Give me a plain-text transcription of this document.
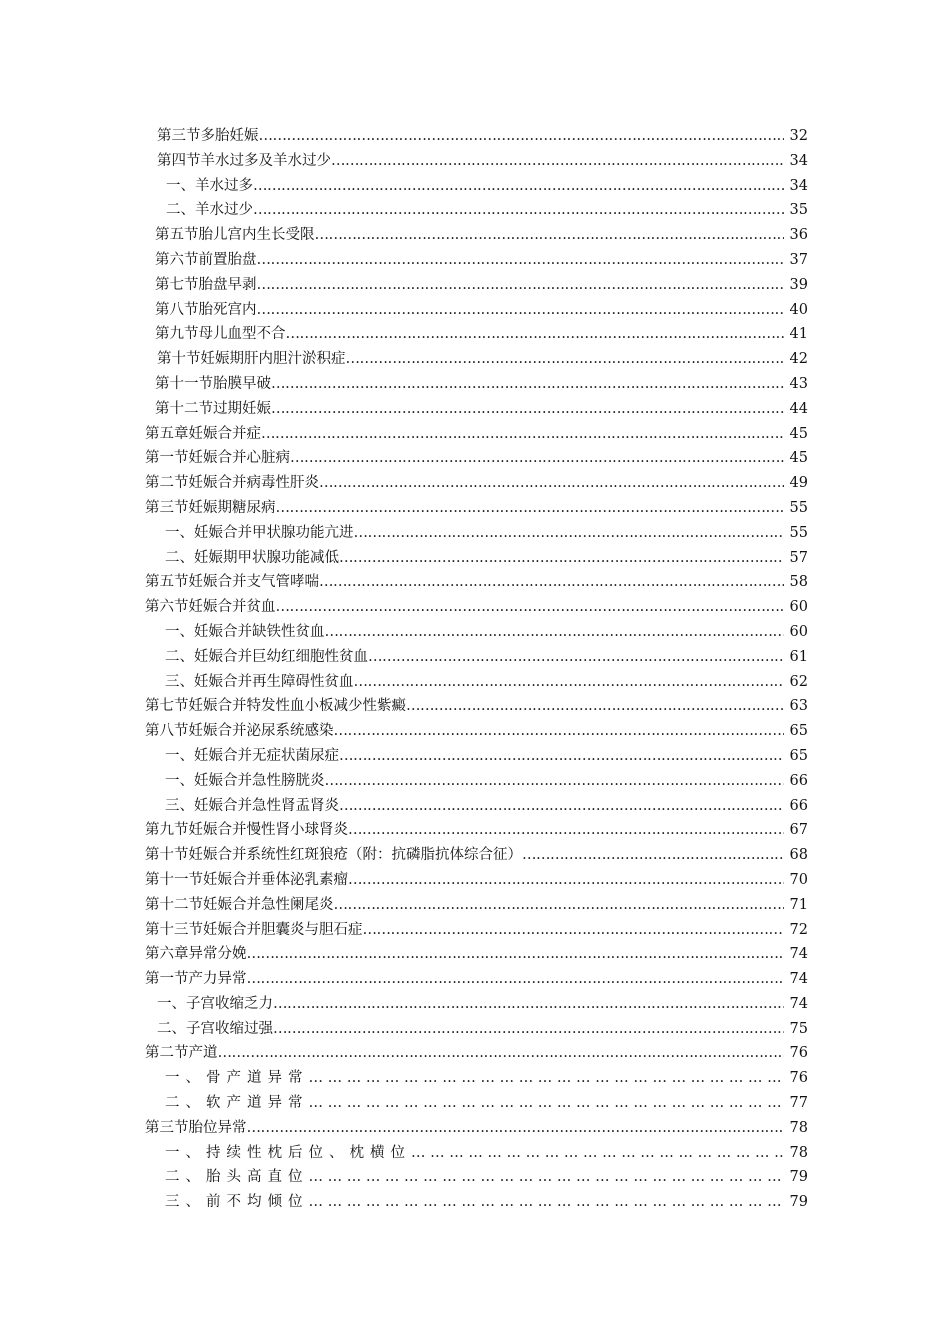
第三节多胎妊娠 ……………………………………………………………………………………………………………………………………………………………………………………………………	32
第四节羊水过多及羊水过少 ……………………………………………………………………………………………………………………………………………………………………………………………………	34
一、羊水过多 ……………………………………………………………………………………………………………………………………………………………………………………………………	34
二、羊水过少 ……………………………………………………………………………………………………………………………………………………………………………………………………	35
第五节胎儿宫内生长受限 ……………………………………………………………………………………………………………………………………………………………………………………………………	36
第六节前置胎盘 ……………………………………………………………………………………………………………………………………………………………………………………………………	37
第七节胎盘早剥 ……………………………………………………………………………………………………………………………………………………………………………………………………	39
第八节胎死宫内 ……………………………………………………………………………………………………………………………………………………………………………………………………	40
第九节母儿血型不合 ……………………………………………………………………………………………………………………………………………………………………………………………………	41
第十节妊娠期肝内胆汁淤积症 ……………………………………………………………………………………………………………………………………………………………………………………………………	42
第十一节胎膜早破 ……………………………………………………………………………………………………………………………………………………………………………………………………	43
第十二节过期妊娠 ……………………………………………………………………………………………………………………………………………………………………………………………………	44
第五章妊娠合并症 ……………………………………………………………………………………………………………………………………………………………………………………………………	45
第一节妊娠合并心脏病 ……………………………………………………………………………………………………………………………………………………………………………………………………	45
第二节妊娠合并病毒性肝炎 ……………………………………………………………………………………………………………………………………………………………………………………………………	49
第三节妊娠期糖尿病 ……………………………………………………………………………………………………………………………………………………………………………………………………	55
一、妊娠合并甲状腺功能亢进 ……………………………………………………………………………………………………………………………………………………………………………………………………	55
二、妊娠期甲状腺功能减低 ……………………………………………………………………………………………………………………………………………………………………………………………………	57
第五节妊娠合并支气管哮喘 ……………………………………………………………………………………………………………………………………………………………………………………………………	58
第六节妊娠合并贫血 ……………………………………………………………………………………………………………………………………………………………………………………………………	60
一、妊娠合并缺铁性贫血 ……………………………………………………………………………………………………………………………………………………………………………………………………	60
二、妊娠合并巨幼红细胞性贫血 ……………………………………………………………………………………………………………………………………………………………………………………………………	61
三、妊娠合并再生障碍性贫血 ……………………………………………………………………………………………………………………………………………………………………………………………………	62
第七节妊娠合并特发性血小板减少性紫癜 ……………………………………………………………………………………………………………………………………………………………………………………………………	63
第八节妊娠合并泌尿系统感染 ……………………………………………………………………………………………………………………………………………………………………………………………………	65
一、妊娠合并无症状菌尿症 ……………………………………………………………………………………………………………………………………………………………………………………………………	65
一、妊娠合并急性膀胱炎 ……………………………………………………………………………………………………………………………………………………………………………………………………	66
三、妊娠合并急性肾盂肾炎 ……………………………………………………………………………………………………………………………………………………………………………………………………	66
第九节妊娠合并慢性肾小球肾炎 ……………………………………………………………………………………………………………………………………………………………………………………………………	67
第十节妊娠合并系统性红斑狼疮（附：抗磷脂抗体综合征） ……………………………………………………………………………………………………………………………………………………………………………………………………	68
第十一节妊娠合并垂体泌乳素瘤 ……………………………………………………………………………………………………………………………………………………………………………………………………	70
第十二节妊娠合并急性阑尾炎 ……………………………………………………………………………………………………………………………………………………………………………………………………	71
第十三节妊娠合并胆囊炎与胆石症 ……………………………………………………………………………………………………………………………………………………………………………………………………	72
第六章异常分娩 ……………………………………………………………………………………………………………………………………………………………………………………………………	74
第一节产力异常 ……………………………………………………………………………………………………………………………………………………………………………………………………	74
一、子宫收缩乏力 ……………………………………………………………………………………………………………………………………………………………………………………………………	74
二、子宫收缩过强 ……………………………………………………………………………………………………………………………………………………………………………………………………	75
第二节产道 ……………………………………………………………………………………………………………………………………………………………………………………………………	76
一、骨产道异常 … … … … … … … … … … … … … … … … … … … … … … … … … … … … … … … … … … … … … … … … … … … … … … … … …	76
二、软产道异常 … … … … … … … … … … … … … … … … … … … … … … … … … … … … … … … … … … … … … … … … … … … … … … … … …	77
第三节胎位异常 ……………………………………………………………………………………………………………………………………………………………………………………………………	78
一、持续性枕后位、枕横位 … … … … … … … … … … … … … … … … … … … … … … … … … … … … … … … … … … … … … … … … … … … … … … … … …	78
二、胎头高直位 … … … … … … … … … … … … … … … … … … … … … … … … … … … … … … … … … … … … … … … … … … … … … … … … …	79
三、前不均倾位 … … … … … … … … … … … … … … … … … … … … … … … … … … … … … … … … … … … … … … … … … … … … … … … … …	79
